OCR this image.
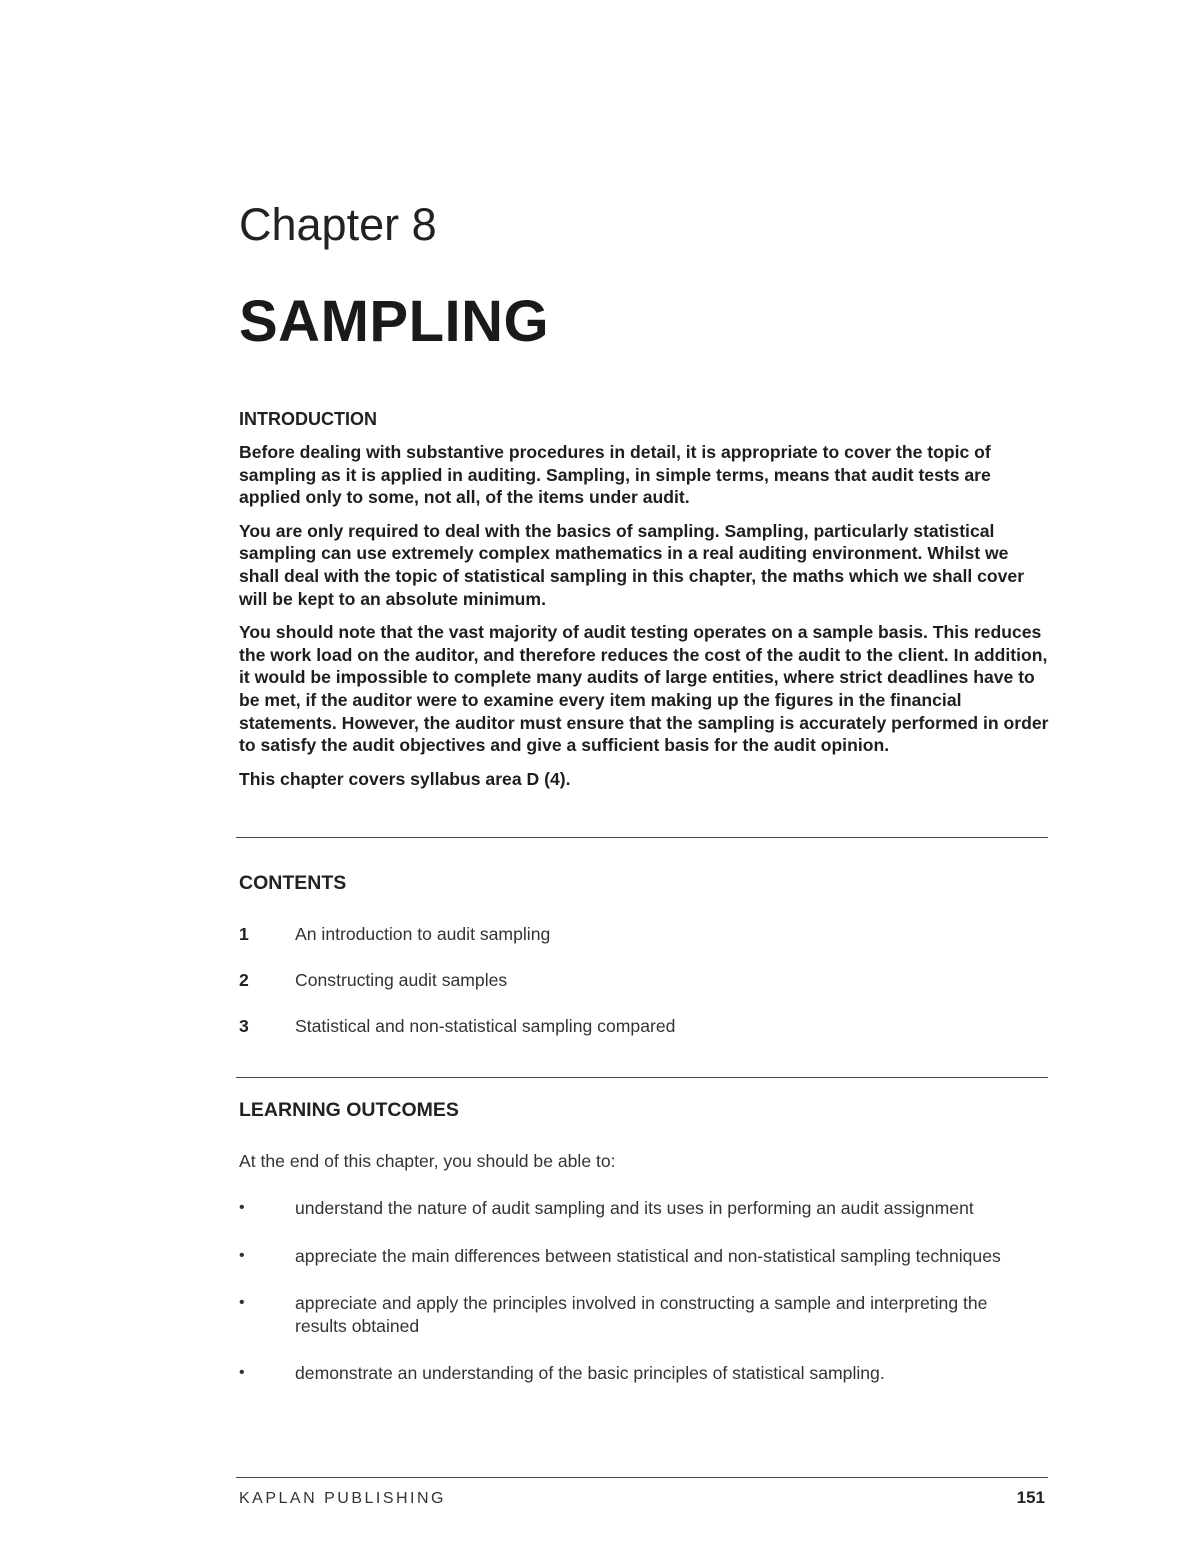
Chapter 8
SAMPLING
INTRODUCTION

Before dealing with substantive procedures in detail, it is appropriate to cover the topic of sampling as it is applied in auditing. Sampling, in simple terms, means that audit tests are applied only to some, not all, of the items under audit.

You are only required to deal with the basics of sampling. Sampling, particularly statistical sampling can use extremely complex mathematics in a real auditing environment. Whilst we shall deal with the topic of statistical sampling in this chapter, the maths which we shall cover will be kept to an absolute minimum.

You should note that the vast majority of audit testing operates on a sample basis. This reduces the work load on the auditor, and therefore reduces the cost of the audit to the client. In addition, it would be impossible to complete many audits of large entities, where strict deadlines have to be met, if the auditor were to examine every item making up the figures in the financial statements. However, the auditor must ensure that the sampling is accurately performed in order to satisfy the audit objectives and give a sufficient basis for the audit opinion.

This chapter covers syllabus area D (4).

CONTENTS
1	An introduction to audit sampling
2	Constructing audit samples
3	Statistical and non-statistical sampling compared
LEARNING OUTCOMES

At the end of this chapter, you should be able to:

•	understand the nature of audit sampling and its uses in performing an audit assignment
•	appreciate the main differences between statistical and non-statistical sampling techniques
•	appreciate and apply the principles involved in constructing a sample and interpreting the results obtained
•	demonstrate an understanding of the basic principles of statistical sampling.
KAPLAN PUBLISHING	151
